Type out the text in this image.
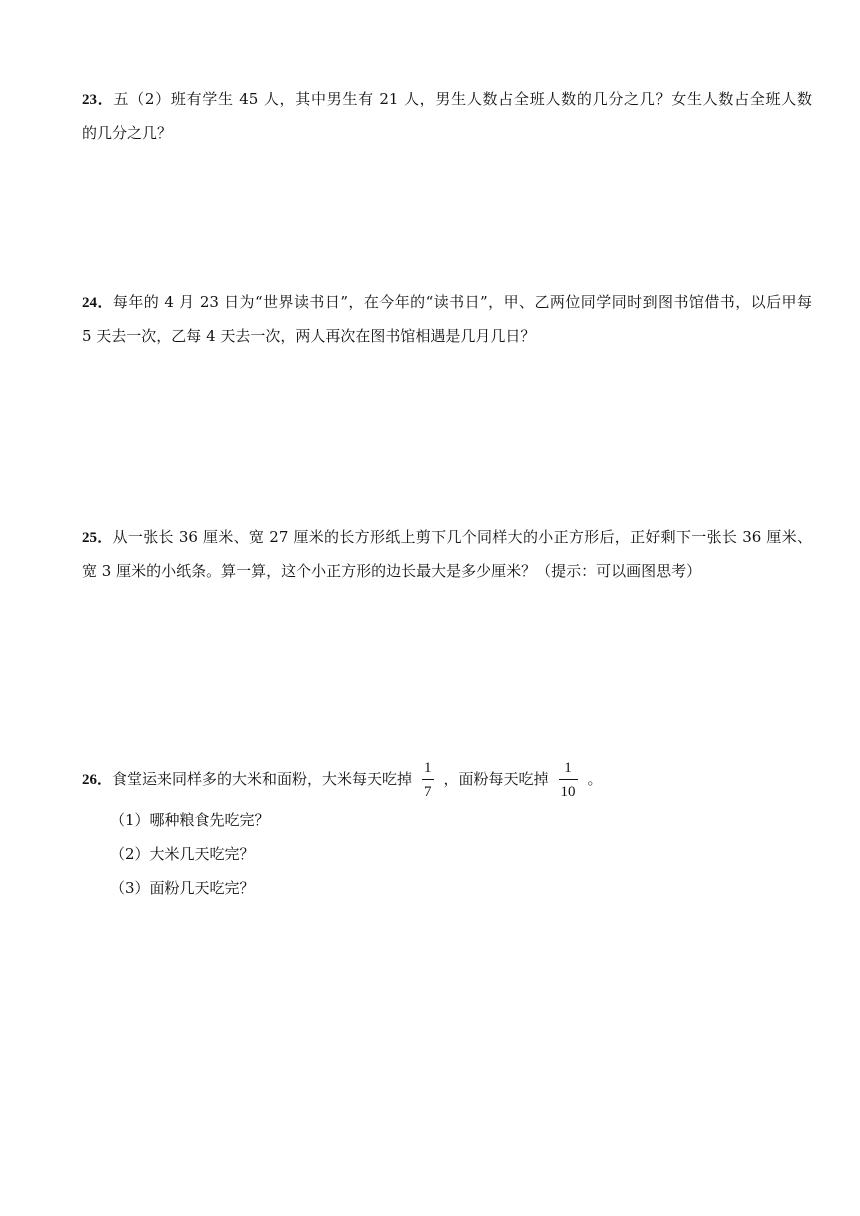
23．五（2）班有学生 45 人，其中男生有 21 人，男生人数占全班人数的几分之几？女生人数占全班人数
的几分之几？
24．每年的 4 月 23 日为“世界读书日”，在今年的“读书日”，甲、乙两位同学同时到图书馆借书，以后甲每
5 天去一次，乙每 4 天去一次，两人再次在图书馆相遇是几月几日？
25．从一张长 36 厘米、宽 27 厘米的长方形纸上剪下几个同样大的小正方形后，正好剩下一张长 36 厘米、
宽 3 厘米的小纸条。算一算，这个小正方形的边长最大是多少厘米？（提示：可以画图思考）
26．食堂运来同样多的大米和面粉，大米每天吃掉 $\frac{1}{7}$ ，面粉每天吃掉 $\frac{1}{10}$ 。
（1）哪种粮食先吃完？
（2）大米几天吃完？
（3）面粉几天吃完？
